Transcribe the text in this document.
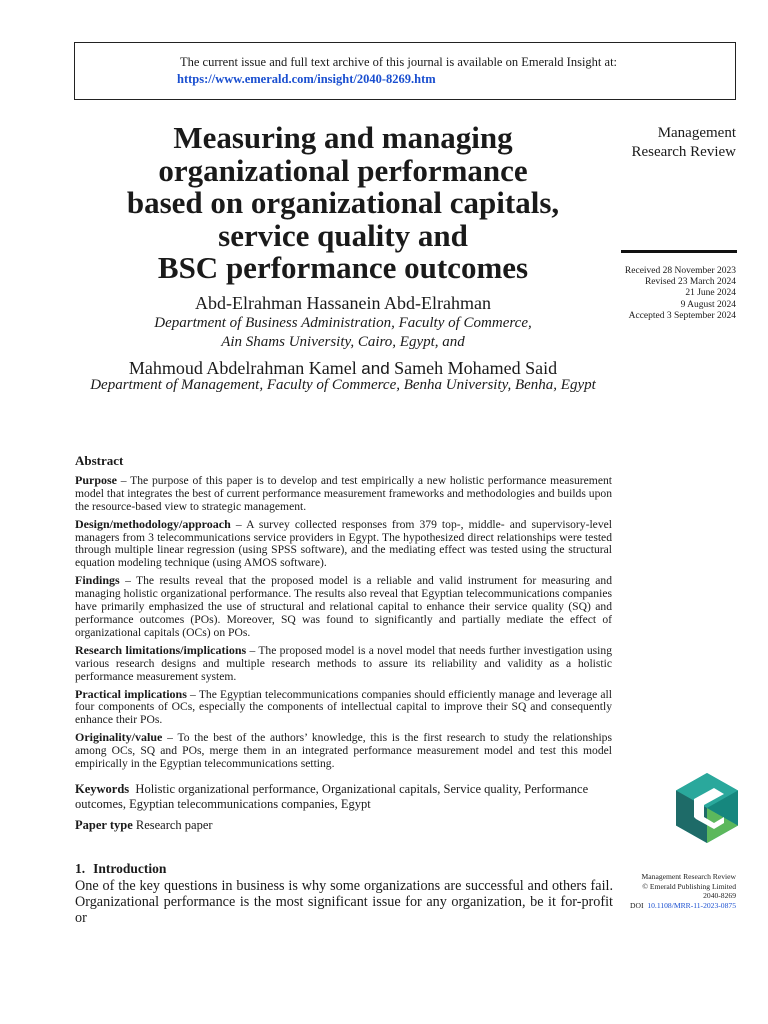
The current issue and full text archive of this journal is available on Emerald Insight at:
https://www.emerald.com/insight/2040-8269.htm
Measuring and managing
organizational performance
based on organizational capitals,
service quality and
BSC performance outcomes
Management
Research Review
Received 28 November 2023
Revised 23 March 2024
21 June 2024
9 August 2024
Accepted 3 September 2024
Abd-Elrahman Hassanein Abd-Elrahman
Department of Business Administration, Faculty of Commerce,
Ain Shams University, Cairo, Egypt, and
Mahmoud Abdelrahman Kamel and Sameh Mohamed Said
Department of Management, Faculty of Commerce, Benha University, Benha, Egypt
Abstract

Purpose – The purpose of this paper is to develop and test empirically a new holistic performance measurement model that integrates the best of current performance measurement frameworks and methodologies and builds upon the resource-based view to strategic management.

Design/methodology/approach – A survey collected responses from 379 top-, middle- and supervisory-level managers from 3 telecommunications service providers in Egypt. The hypothesized direct relationships were tested through multiple linear regression (using SPSS software), and the mediating effect was tested using the structural equation modeling technique (using AMOS software).

Findings – The results reveal that the proposed model is a reliable and valid instrument for measuring and managing holistic organizational performance. The results also reveal that Egyptian telecommunications companies have primarily emphasized the use of structural and relational capital to enhance their service quality (SQ) and performance outcomes (POs). Moreover, SQ was found to significantly and partially mediate the effect of organizational capitals (OCs) on POs.

Research limitations/implications – The proposed model is a novel model that needs further investigation using various research designs and multiple research methods to assure its reliability and validity as a holistic performance measurement system.

Practical implications – The Egyptian telecommunications companies should efficiently manage and leverage all four components of OCs, especially the components of intellectual capital to improve their SQ and consequently enhance their POs.

Originality/value – To the best of the authors’ knowledge, this is the first research to study the relationships among OCs, SQ and POs, merge them in an integrated performance measurement model and test this model empirically in the Egyptian telecommunications setting.

Keywords Holistic organizational performance, Organizational capitals, Service quality, Performance outcomes, Egyptian telecommunications companies, Egypt
Paper type Research paper
1. Introduction
One of the key questions in business is why some organizations are successful and others fail. Organizational performance is the most significant issue for any organization, be it for-profit or
Management Research Review
© Emerald Publishing Limited
2040-8269
DOI 10.1108/MRR-11-2023-0875
